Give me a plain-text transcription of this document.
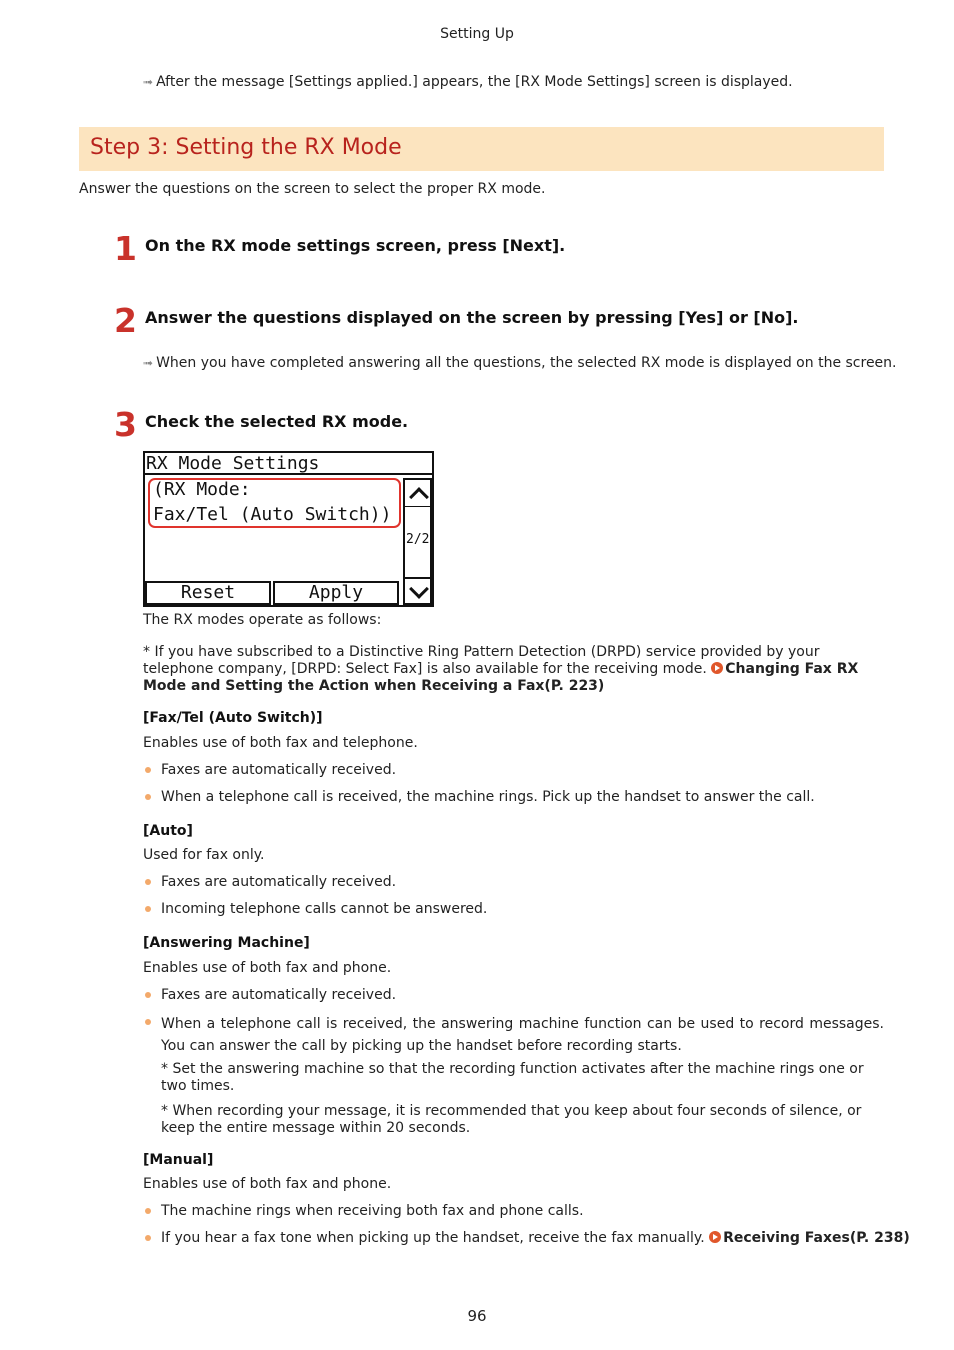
Setting Up
➟ After the message [Settings applied.] appears, the [RX Mode Settings] screen is displayed.
Step 3: Setting the RX Mode
Answer the questions on the screen to select the proper RX mode.
1 On the RX mode settings screen, press [Next].
2 Answer the questions displayed on the screen by pressing [Yes] or [No].
➟ When you have completed answering all the questions, the selected RX mode is displayed on the screen.
3 Check the selected RX mode.
RX Mode Settings
(RX Mode:
Fax/Tel (Auto Switch))
2/2
Reset	Apply
The RX modes operate as follows:
* If you have subscribed to a Distinctive Ring Pattern Detection (DRPD) service provided by your telephone company, [DRPD: Select Fax] is also available for the receiving mode. Changing Fax RX Mode and Setting the Action when Receiving a Fax(P. 223)
[Fax/Tel (Auto Switch)]
Enables use of both fax and telephone.
Faxes are automatically received.
When a telephone call is received, the machine rings. Pick up the handset to answer the call.
[Auto]
Used for fax only.
Faxes are automatically received.
Incoming telephone calls cannot be answered.
[Answering Machine]
Enables use of both fax and phone.
Faxes are automatically received.
When a telephone call is received, the answering machine function can be used to record messages. You can answer the call by picking up the handset before recording starts.
* Set the answering machine so that the recording function activates after the machine rings one or two times.
* When recording your message, it is recommended that you keep about four seconds of silence, or keep the entire message within 20 seconds.
[Manual]
Enables use of both fax and phone.
The machine rings when receiving both fax and phone calls.
If you hear a fax tone when picking up the handset, receive the fax manually. Receiving Faxes(P. 238)
96
